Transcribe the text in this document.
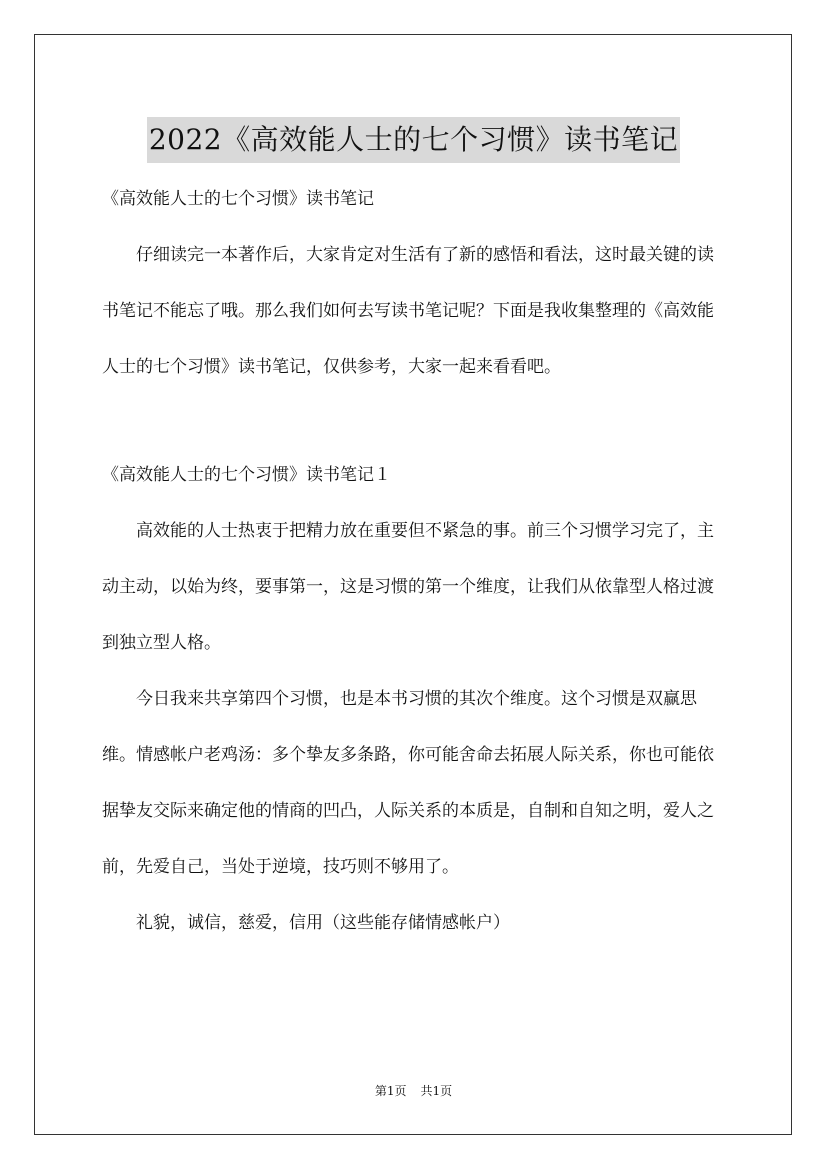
2022《高效能人士的七个习惯》读书笔记

《高效能人士的七个习惯》读书笔记

仔细读完一本著作后，大家肯定对生活有了新的感悟和看法，这时最关键的读书笔记不能忘了哦。那么我们如何去写读书笔记呢？下面是我收集整理的《高效能人士的七个习惯》读书笔记，仅供参考，大家一起来看看吧。

《高效能人士的七个习惯》读书笔记１

高效能的人士热衷于把精力放在重要但不紧急的事。前三个习惯学习完了，主动主动，以始为终，要事第一，这是习惯的第一个维度，让我们从依靠型人格过渡到独立型人格。

今日我来共享第四个习惯，也是本书习惯的其次个维度。这个习惯是双赢思维。情感帐户老鸡汤：多个挚友多条路，你可能舍命去拓展人际关系，你也可能依据挚友交际来确定他的情商的凹凸，人际关系的本质是，自制和自知之明，爱人之前，先爱自己，当处于逆境，技巧则不够用了。

礼貌，诚信，慈爱，信用（这些能存储情感帐户）

第1页 共1页
